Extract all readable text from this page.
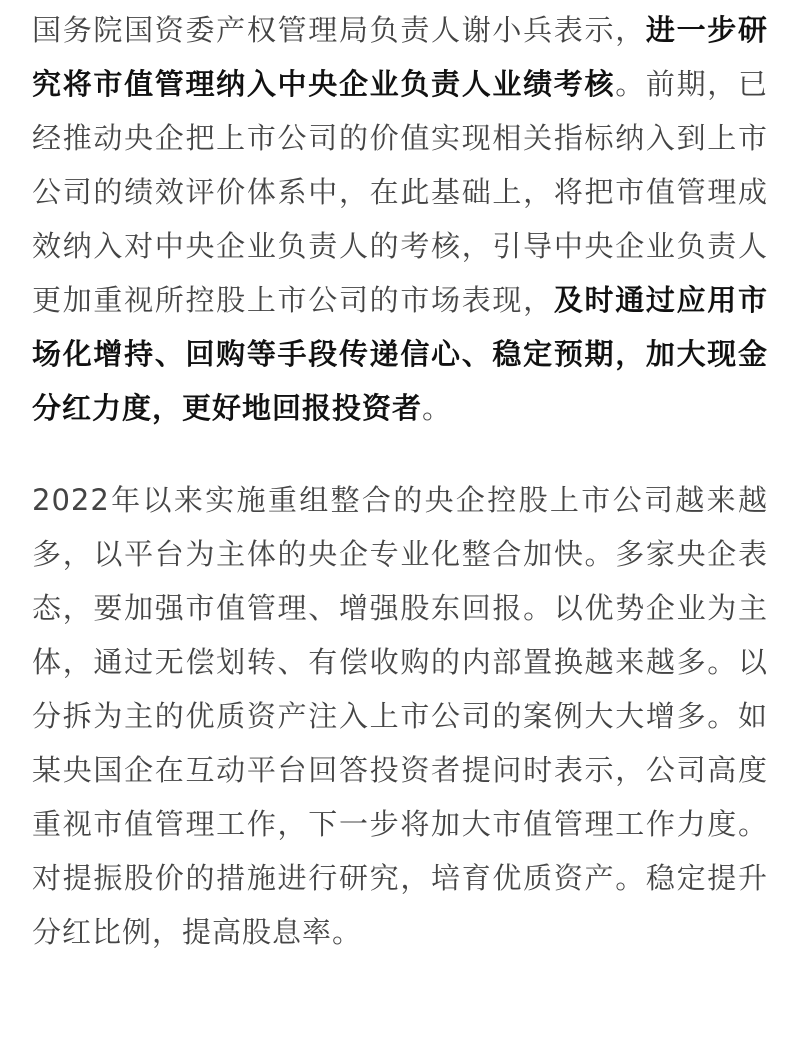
国务院国资委产权管理局负责人谢小兵表示，进一步研究将市值管理纳入中央企业负责人业绩考核。前期，已经推动央企把上市公司的价值实现相关指标纳入到上市公司的绩效评价体系中，在此基础上，将把市值管理成效纳入对中央企业负责人的考核，引导中央企业负责人更加重视所控股上市公司的市场表现，及时通过应用市场化增持、回购等手段传递信心、稳定预期，加大现金分红力度，更好地回报投资者。

2022年以来实施重组整合的央企控股上市公司越来越多，以平台为主体的央企专业化整合加快。多家央企表态，要加强市值管理、增强股东回报。以优势企业为主体，通过无偿划转、有偿收购的内部置换越来越多。以分拆为主的优质资产注入上市公司的案例大大增多。如某央国企在互动平台回答投资者提问时表示，公司高度重视市值管理工作，下一步将加大市值管理工作力度。对提振股价的措施进行研究，培育优质资产。稳定提升分红比例，提高股息率。
